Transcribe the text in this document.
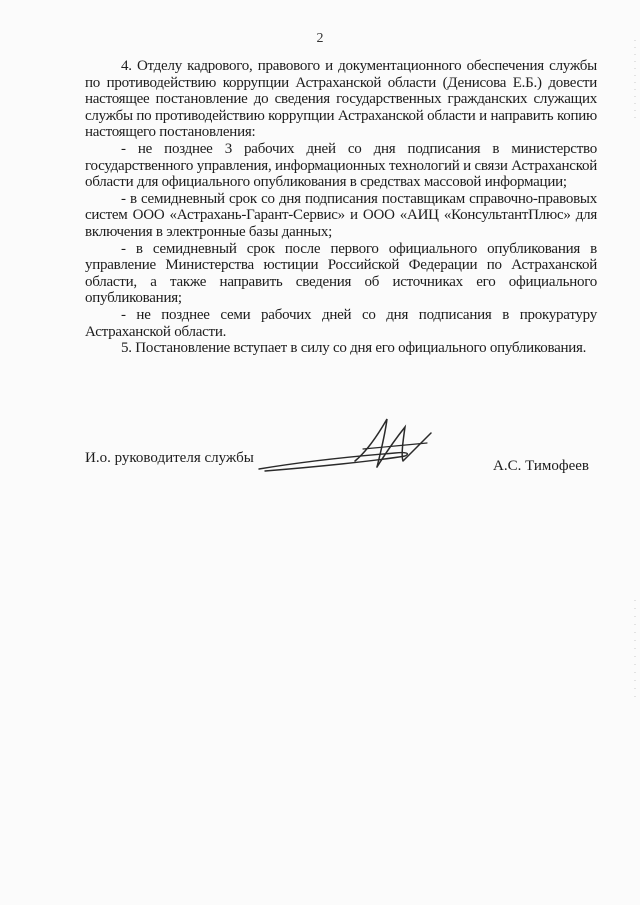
2

4. Отделу кадрового, правового и документационного обеспечения службы по противодействию коррупции Астраханской области (Денисова Е.Б.) довести настоящее постановление до сведения государственных гражданских служащих службы по противодействию коррупции Астраханской области и направить копию настоящего постановления:

- не позднее 3 рабочих дней со дня подписания в министерство государственного управления, информационных технологий и связи Астраханской области для официального опубликования в средствах массовой информации;

- в семидневный срок со дня подписания поставщикам справочно-правовых систем ООО «Астрахань-Гарант-Сервис» и ООО «АИЦ «КонсультантПлюс» для включения в электронные базы данных;

- в семидневный срок после первого официального опубликования в управление Министерства юстиции Российской Федерации по Астраханской области, а также направить сведения об источниках его официального опубликования;

- не позднее семи рабочих дней со дня подписания в прокуратуру Астраханской области.

5. Постановление вступает в силу со дня его официального опубликования.

И.о. руководителя службы	А.С. Тимофеев
